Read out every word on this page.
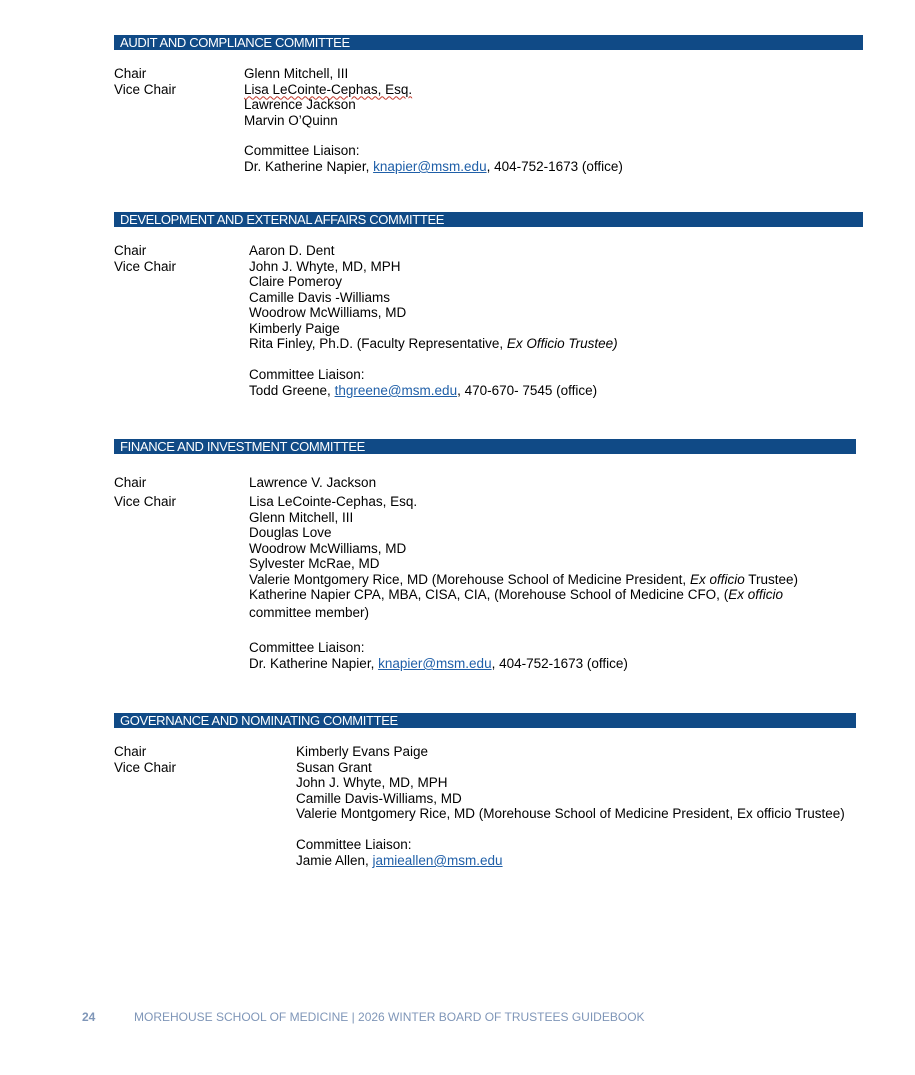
AUDIT AND COMPLIANCE COMMITTEE
Chair
Vice Chair
Glenn Mitchell, III
Lisa LeCointe-Cephas, Esq.
Lawrence Jackson
Marvin O’Quinn
Committee Liaison:
Dr. Katherine Napier, knapier@msm.edu, 404-752-1673 (office)
DEVELOPMENT AND EXTERNAL AFFAIRS COMMITTEE
Chair
Vice Chair
Aaron D. Dent
John J. Whyte, MD, MPH
Claire Pomeroy
Camille Davis -Williams
Woodrow McWilliams, MD
Kimberly Paige
Rita Finley, Ph.D. (Faculty Representative, Ex Officio Trustee)
Committee Liaison:
Todd Greene, thgreene@msm.edu, 470-670- 7545 (office)
FINANCE AND INVESTMENT COMMITTEE
Chair
Vice Chair
Lawrence V. Jackson
Lisa LeCointe-Cephas, Esq.
Glenn Mitchell, III
Douglas Love
Woodrow McWilliams, MD
Sylvester McRae, MD
Valerie Montgomery Rice, MD (Morehouse School of Medicine President, Ex officio Trustee)
Katherine Napier CPA, MBA, CISA, CIA, (Morehouse School of Medicine CFO, (Ex officio
committee member)
Committee Liaison:
Dr. Katherine Napier, knapier@msm.edu, 404-752-1673 (office)
GOVERNANCE AND NOMINATING COMMITTEE
Chair
Vice Chair
Kimberly Evans Paige
Susan Grant
John J. Whyte, MD, MPH
Camille Davis-Williams, MD
Valerie Montgomery Rice, MD (Morehouse School of Medicine President, Ex officio Trustee)
Committee Liaison:
Jamie Allen, jamieallen@msm.edu
24	MOREHOUSE SCHOOL OF MEDICINE | 2026 WINTER BOARD OF TRUSTEES GUIDEBOOK
